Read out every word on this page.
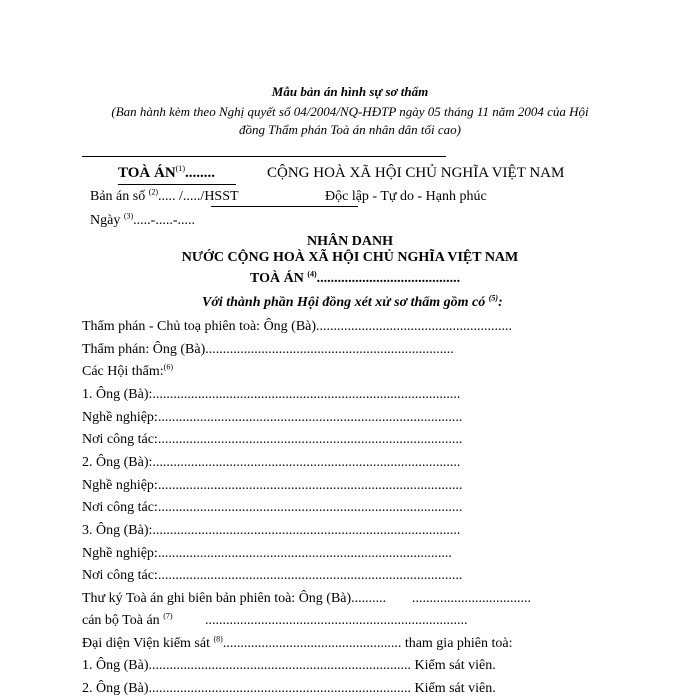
Mẫu bản án hình sự sơ thẩm
(Ban hành kèm theo Nghị quyết số 04/2004/NQ-HĐTP ngày 05 tháng 11 năm 2004 của Hội
đồng Thẩm phán Toà án nhân dân tối cao)
TOÀ ÁN$^{(1)}$........	CỘNG HOÀ XÃ HỘI CHỦ NGHĨA VIỆT NAM
Bản án số $^{(2)}$..... /...../HSST	Độc lập - Tự do - Hạnh phúc
Ngày $^{(3)}$.....-.....-.....
NHÂN DANH
NƯỚC CỘNG HOÀ XÃ HỘI CHỦ NGHĨA VIỆT NAM
TOÀ ÁN $^{(4)}$.........................................
Với thành phần Hội đồng xét xử sơ thẩm gồm có $^{(5)}$:
Thẩm phán - Chủ toạ phiên toà: Ông (Bà)........................................................
Thẩm phán: Ông (Bà).......................................................................
Các Hội thẩm:$^{(6)}$
1. Ông (Bà):........................................................................................
Nghề nghiệp:.......................................................................................
Nơi công tác:.......................................................................................
2. Ông (Bà):........................................................................................
Nghề nghiệp:.......................................................................................
Nơi công tác:.......................................................................................
3. Ông (Bà):........................................................................................
Nghề nghiệp:....................................................................................
Nơi công tác:.......................................................................................
Thư ký Toà án ghi biên bản phiên toà: Ông (Bà).......... ..................................
cán bộ Toà án $^{(7)}$ ...........................................................................
Đại diện Viện kiểm sát $^{(8)}$................................................... tham gia phiên toà:
1. Ông (Bà)........................................................................... Kiểm sát viên.
2. Ông (Bà)........................................................................... Kiểm sát viên.
